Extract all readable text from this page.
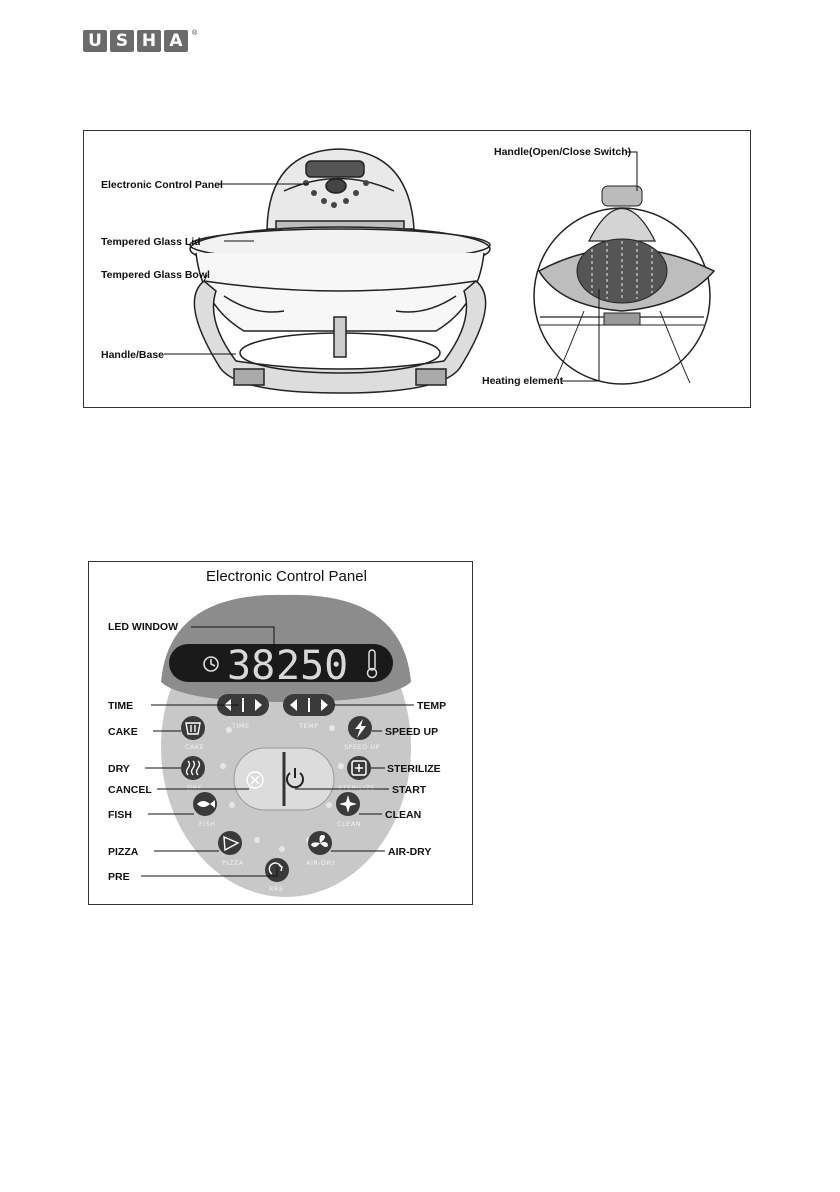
U S H A	®
Electronic Control Panel
Tempered Glass Lid
Tempered Glass Bowl
Handle/Base
Handle(Open/Close Switch)
Heating element
Electronic Control Panel
38 250
TIME	TEMP
CAKE	SPEED UP
DRY	STERILIZE
FISH	CLEAN
PIZZA	AIR-DRY
RRE
LED WINDOW
TIME	TEMP
CAKE	SPEED UP
DRY	STERILIZE
CANCEL	START
FISH	CLEAN
PIZZA	AIR-DRY
PRE
